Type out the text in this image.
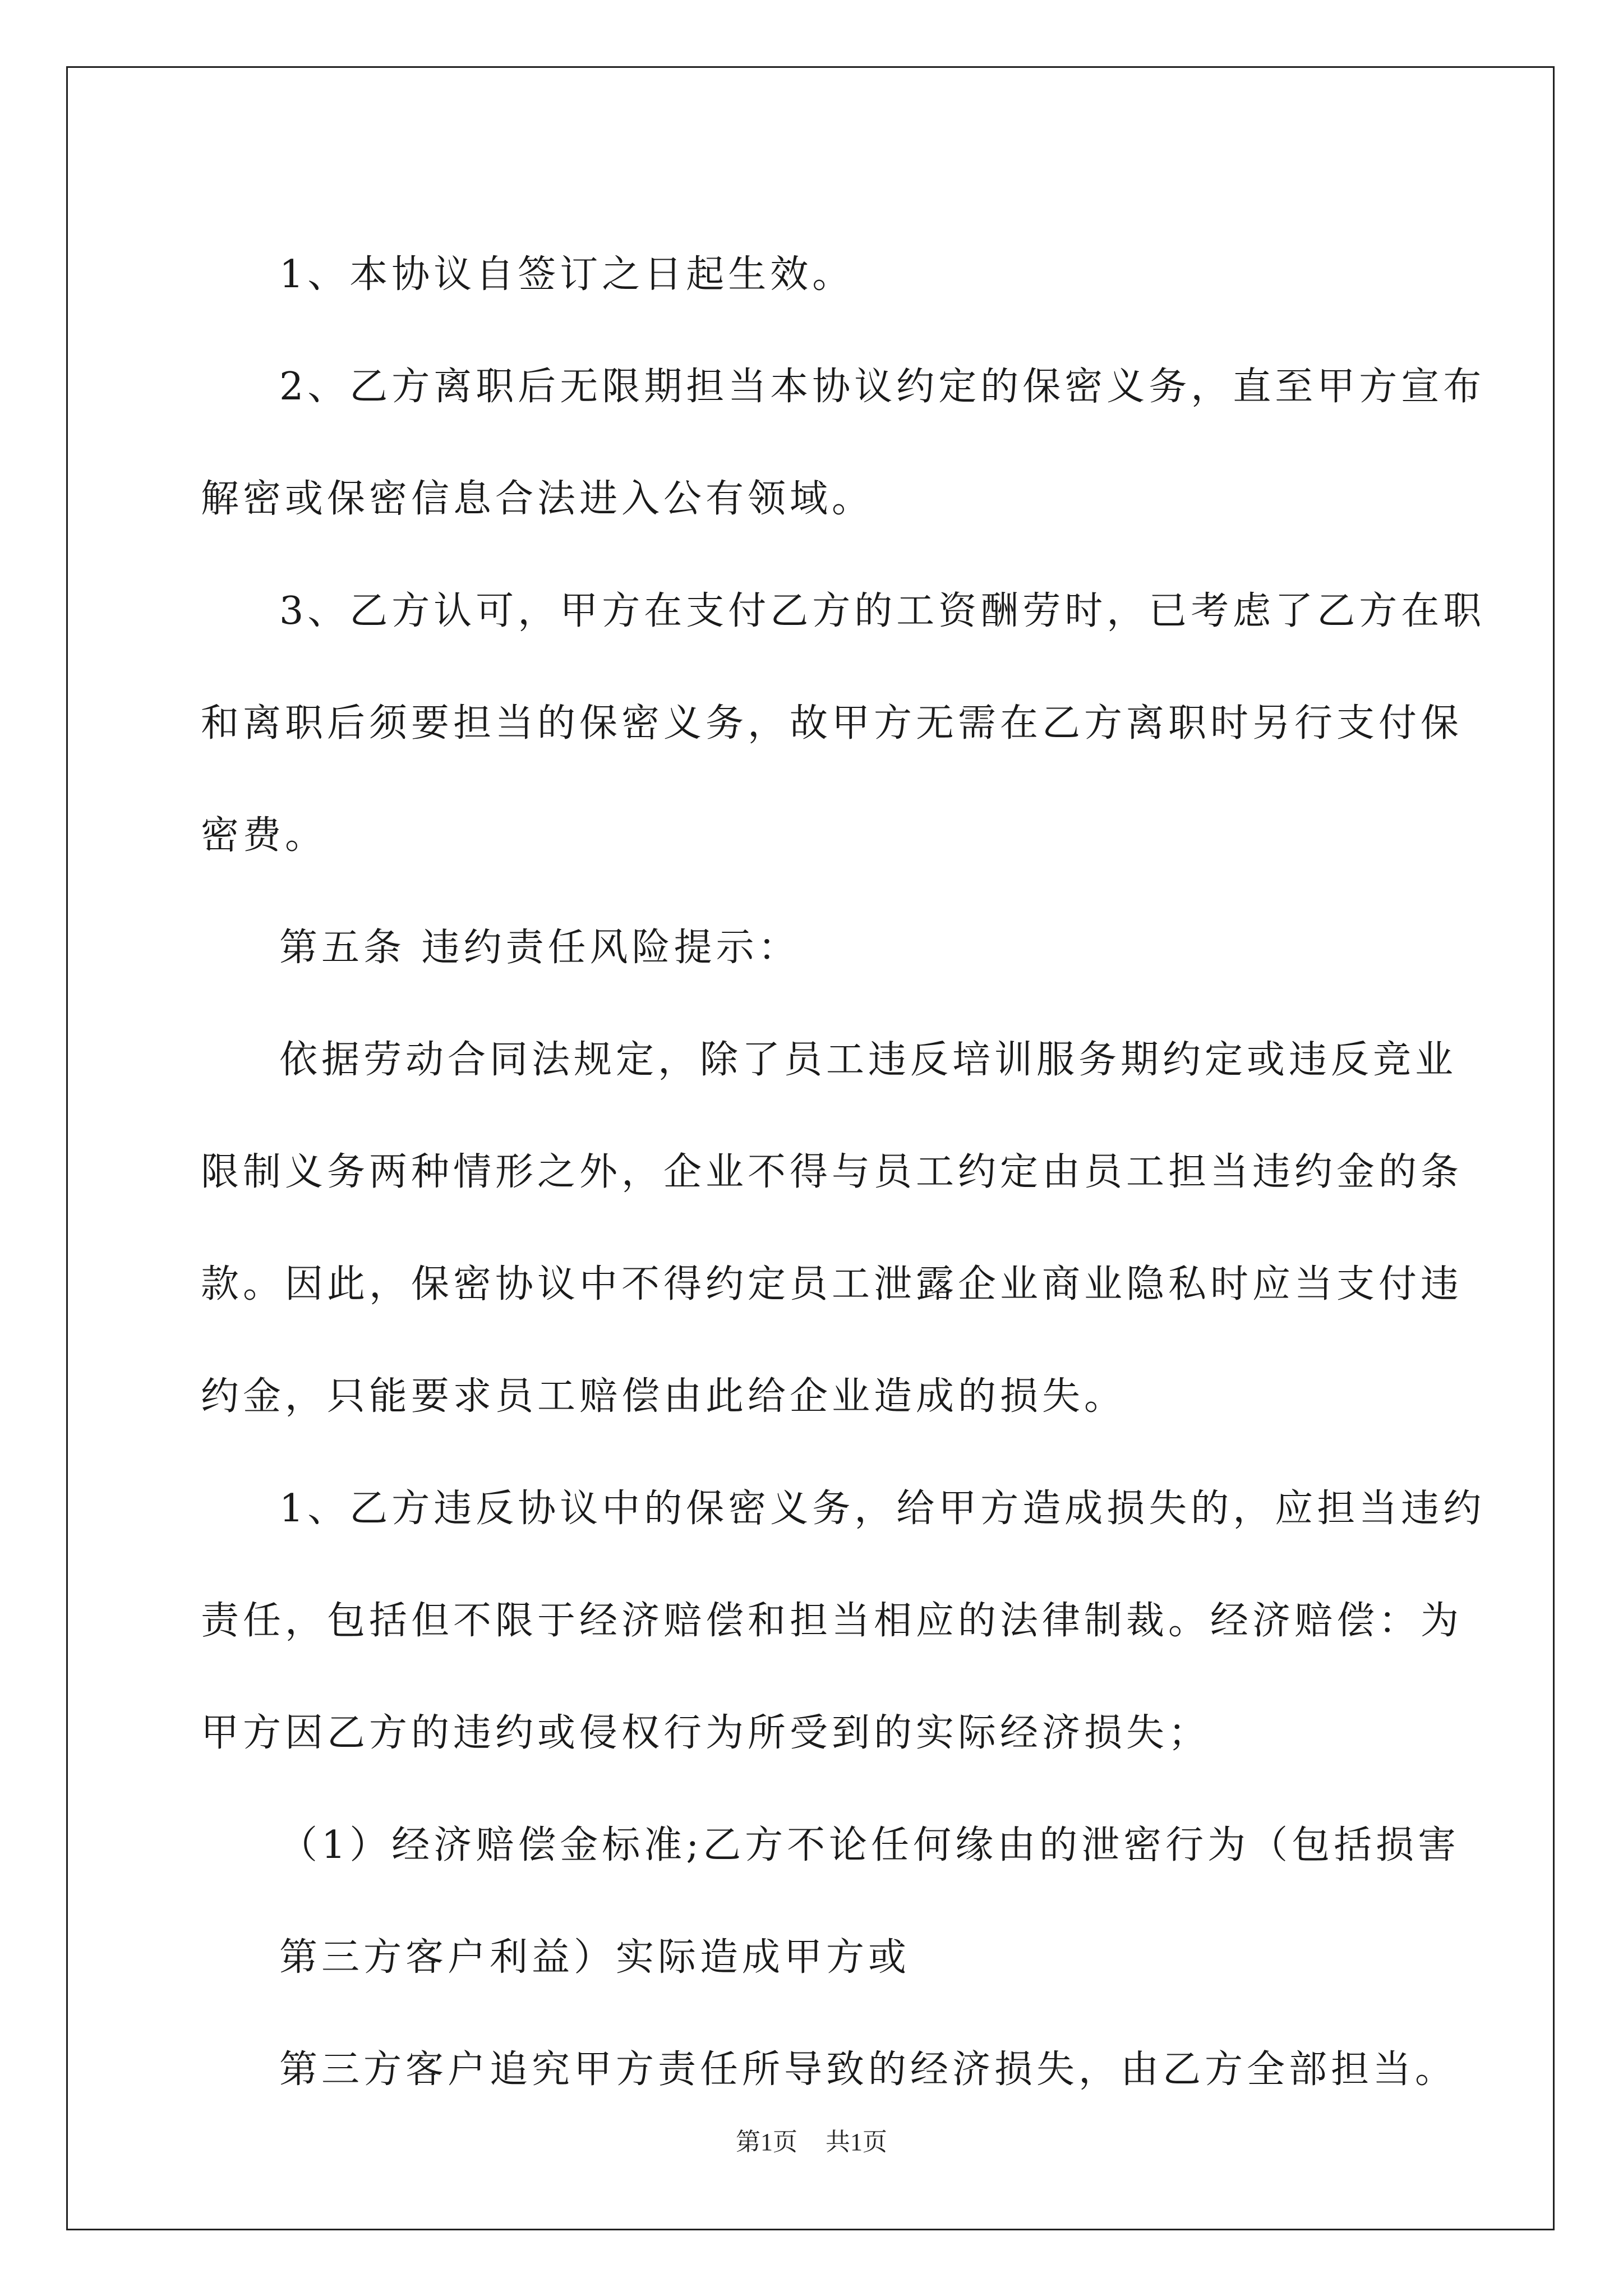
1、本协议自签订之日起生效。
2、乙方离职后无限期担当本协议约定的保密义务，直至甲方宣布
解密或保密信息合法进入公有领域。
3、乙方认可，甲方在支付乙方的工资酬劳时，已考虑了乙方在职
和离职后须要担当的保密义务，故甲方无需在乙方离职时另行支付保
密费。
第五条 违约责任风险提示：
依据劳动合同法规定，除了员工违反培训服务期约定或违反竞业
限制义务两种情形之外，企业不得与员工约定由员工担当违约金的条
款。因此，保密协议中不得约定员工泄露企业商业隐私时应当支付违
约金，只能要求员工赔偿由此给企业造成的损失。
1、乙方违反协议中的保密义务，给甲方造成损失的，应担当违约
责任，包括但不限于经济赔偿和担当相应的法律制裁。经济赔偿：为
甲方因乙方的违约或侵权行为所受到的实际经济损失；
（1）经济赔偿金标准;乙方不论任何缘由的泄密行为（包括损害
第三方客户利益）实际造成甲方或
第三方客户追究甲方责任所导致的经济损失，由乙方全部担当。
第1页 共1页
